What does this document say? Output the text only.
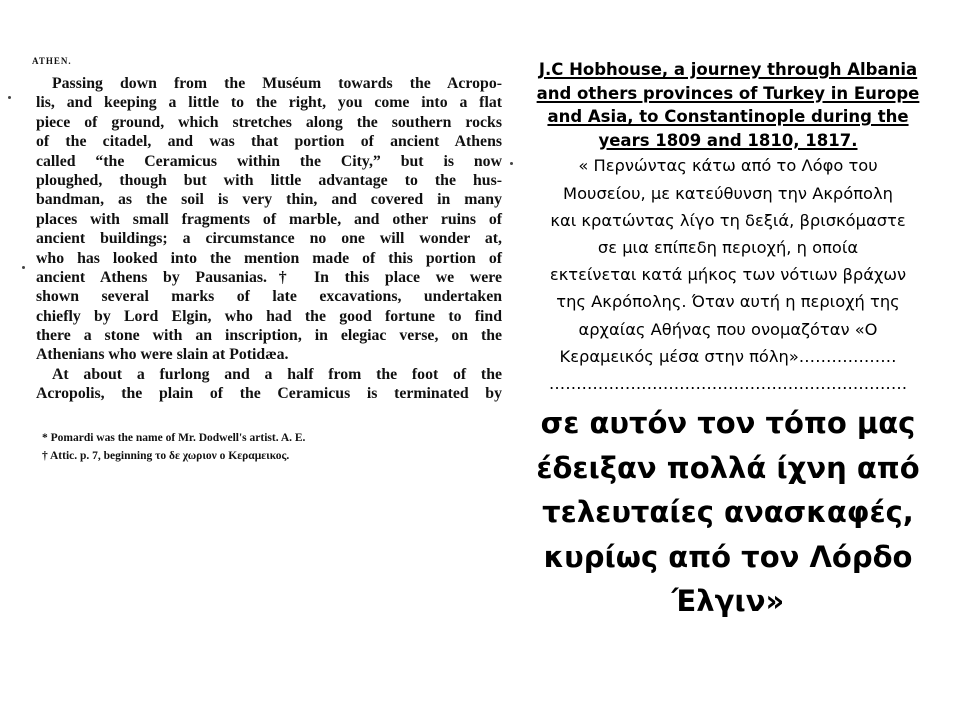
ATHEN.
Passing down from the Muséum towards the Acropo-
lis, and keeping a little to the right, you come into a flat
piece of ground, which stretches along the southern rocks
of the citadel, and was that portion of ancient Athens
called “the Ceramicus within the City,” but is now
ploughed, though but with little advantage to the hus-
bandman, as the soil is very thin, and covered in many
places with small fragments of marble, and other ruins of
ancient buildings; a circumstance no one will wonder at,
who has looked into the mention made of this portion of
ancient Athens by Pausanias.† In this place we were
shown several marks of late excavations, undertaken
chiefly by Lord Elgin, who had the good fortune to find
there a stone with an inscription, in elegiac verse, on the
Athenians who were slain at Potidæa.
At about a furlong and a half from the foot of the
Acropolis, the plain of the Ceramicus is terminated by
* Pomardi was the name of Mr. Dodwell's artist. A. E.
† Attic. p. 7, beginning το δε χωριον ο Κεραμεικος.
J.C Hobhouse, a journey through Albania
and others provinces of Turkey in Europe
and Asia, to Constantinople during the
years 1809 and 1810, 1817.
« Περνώντας κάτω από το Λόφο του
Μουσείου, με κατεύθυνση την Ακρόπολη
και κρατώντας λίγο τη δεξιά, βρισκόμαστε
σε μια επίπεδη περιοχή, η οποία
εκτείνεται κατά μήκος των νότιων βράχων
της Ακρόπολης. Όταν αυτή η περιοχή της
αρχαίας Αθήνας που ονομαζόταν «Ο
Κεραμεικός μέσα στην πόλη»………………
…………………………………………………………
σε αυτόν τον τόπο μας
έδειξαν πολλά ίχνη από
τελευταίες ανασκαφές,
κυρίως από τον Λόρδο
Έλγιν»
